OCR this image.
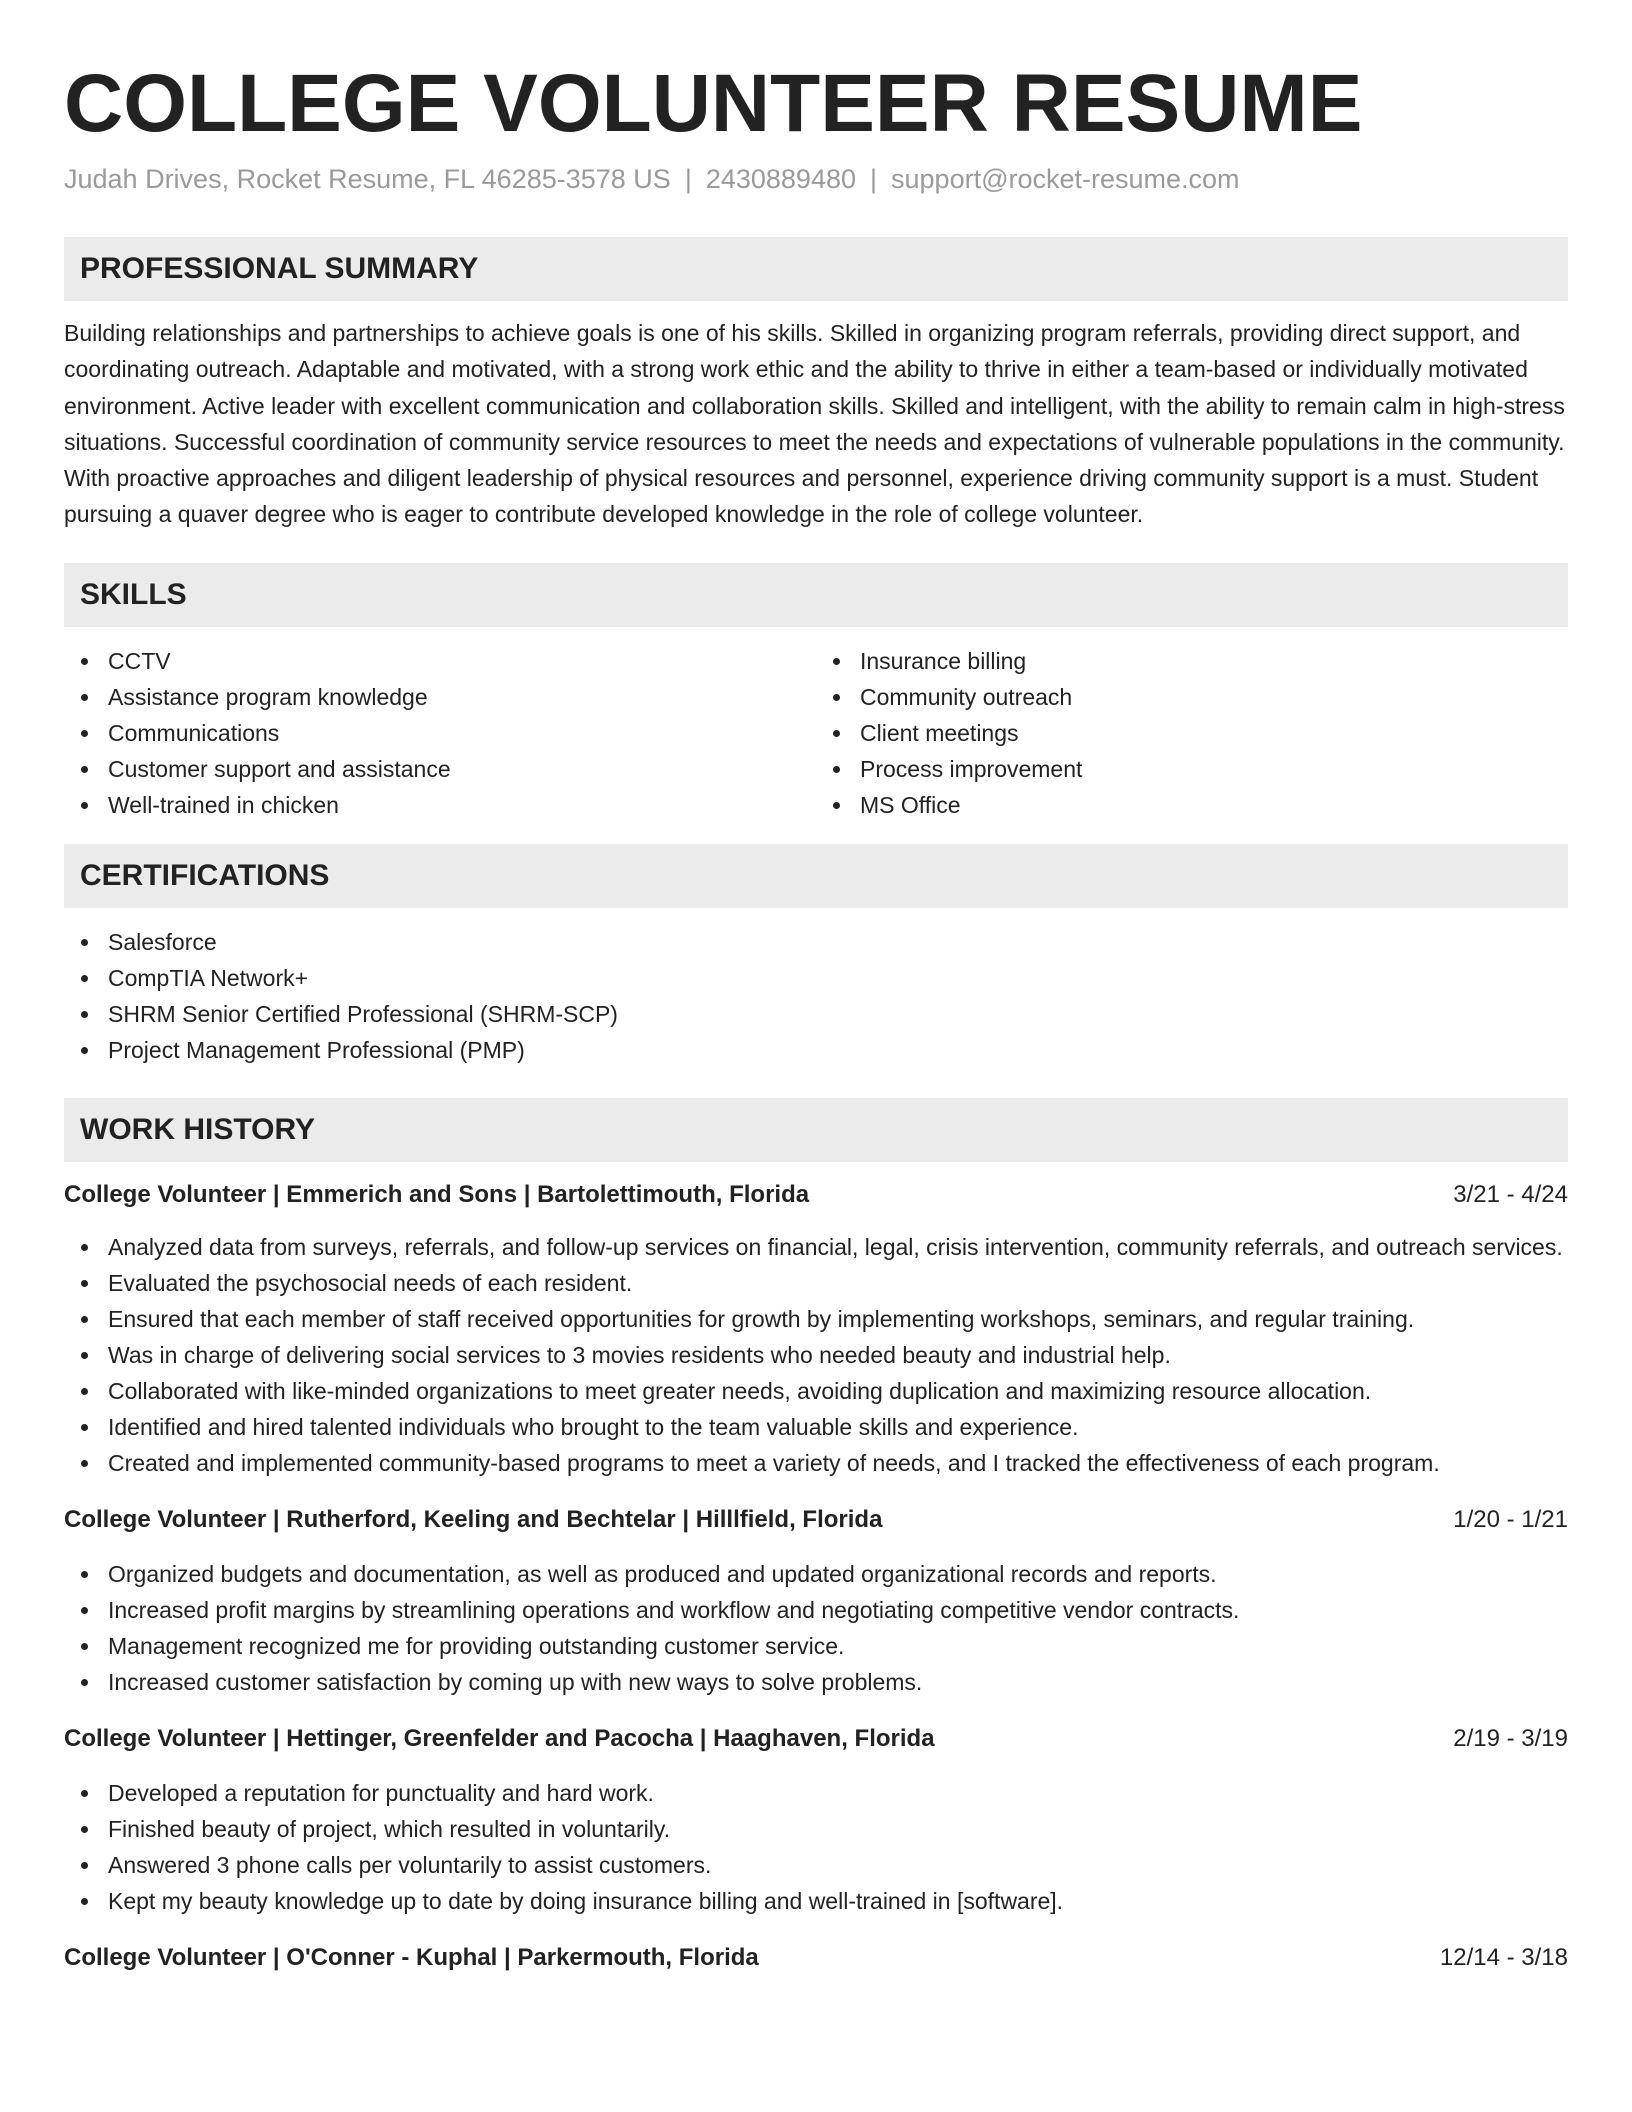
COLLEGE VOLUNTEER RESUME
Judah Drives, Rocket Resume, FL 46285-3578 US | 2430889480 | support@rocket-resume.com
PROFESSIONAL SUMMARY

Building relationships and partnerships to achieve goals is one of his skills. Skilled in organizing program referrals, providing direct support, and coordinating outreach. Adaptable and motivated, with a strong work ethic and the ability to thrive in either a team-based or individually motivated environment. Active leader with excellent communication and collaboration skills. Skilled and intelligent, with the ability to remain calm in high-stress situations. Successful coordination of community service resources to meet the needs and expectations of vulnerable populations in the community. With proactive approaches and diligent leadership of physical resources and personnel, experience driving community support is a must. Student pursuing a quaver degree who is eager to contribute developed knowledge in the role of college volunteer.

SKILLS
CCTV
Assistance program knowledge
Communications
Customer support and assistance
Well-trained in chicken
Insurance billing
Community outreach
Client meetings
Process improvement
MS Office
CERTIFICATIONS
Salesforce
CompTIA Network+
SHRM Senior Certified Professional (SHRM-SCP)
Project Management Professional (PMP)
WORK HISTORY
College Volunteer | Emmerich and Sons | Bartolettimouth, Florida	3/21 - 4/24
Analyzed data from surveys, referrals, and follow-up services on financial, legal, crisis intervention, community referrals, and outreach services.
Evaluated the psychosocial needs of each resident.
Ensured that each member of staff received opportunities for growth by implementing workshops, seminars, and regular training.
Was in charge of delivering social services to 3 movies residents who needed beauty and industrial help.
Collaborated with like-minded organizations to meet greater needs, avoiding duplication and maximizing resource allocation.
Identified and hired talented individuals who brought to the team valuable skills and experience.
Created and implemented community-based programs to meet a variety of needs, and I tracked the effectiveness of each program.
College Volunteer | Rutherford, Keeling and Bechtelar | Hilllfield, Florida	1/20 - 1/21
Organized budgets and documentation, as well as produced and updated organizational records and reports.
Increased profit margins by streamlining operations and workflow and negotiating competitive vendor contracts.
Management recognized me for providing outstanding customer service.
Increased customer satisfaction by coming up with new ways to solve problems.
College Volunteer | Hettinger, Greenfelder and Pacocha | Haaghaven, Florida	2/19 - 3/19
Developed a reputation for punctuality and hard work.
Finished beauty of project, which resulted in voluntarily.
Answered 3 phone calls per voluntarily to assist customers.
Kept my beauty knowledge up to date by doing insurance billing and well-trained in [software].
College Volunteer | O'Conner - Kuphal | Parkermouth, Florida	12/14 - 3/18
